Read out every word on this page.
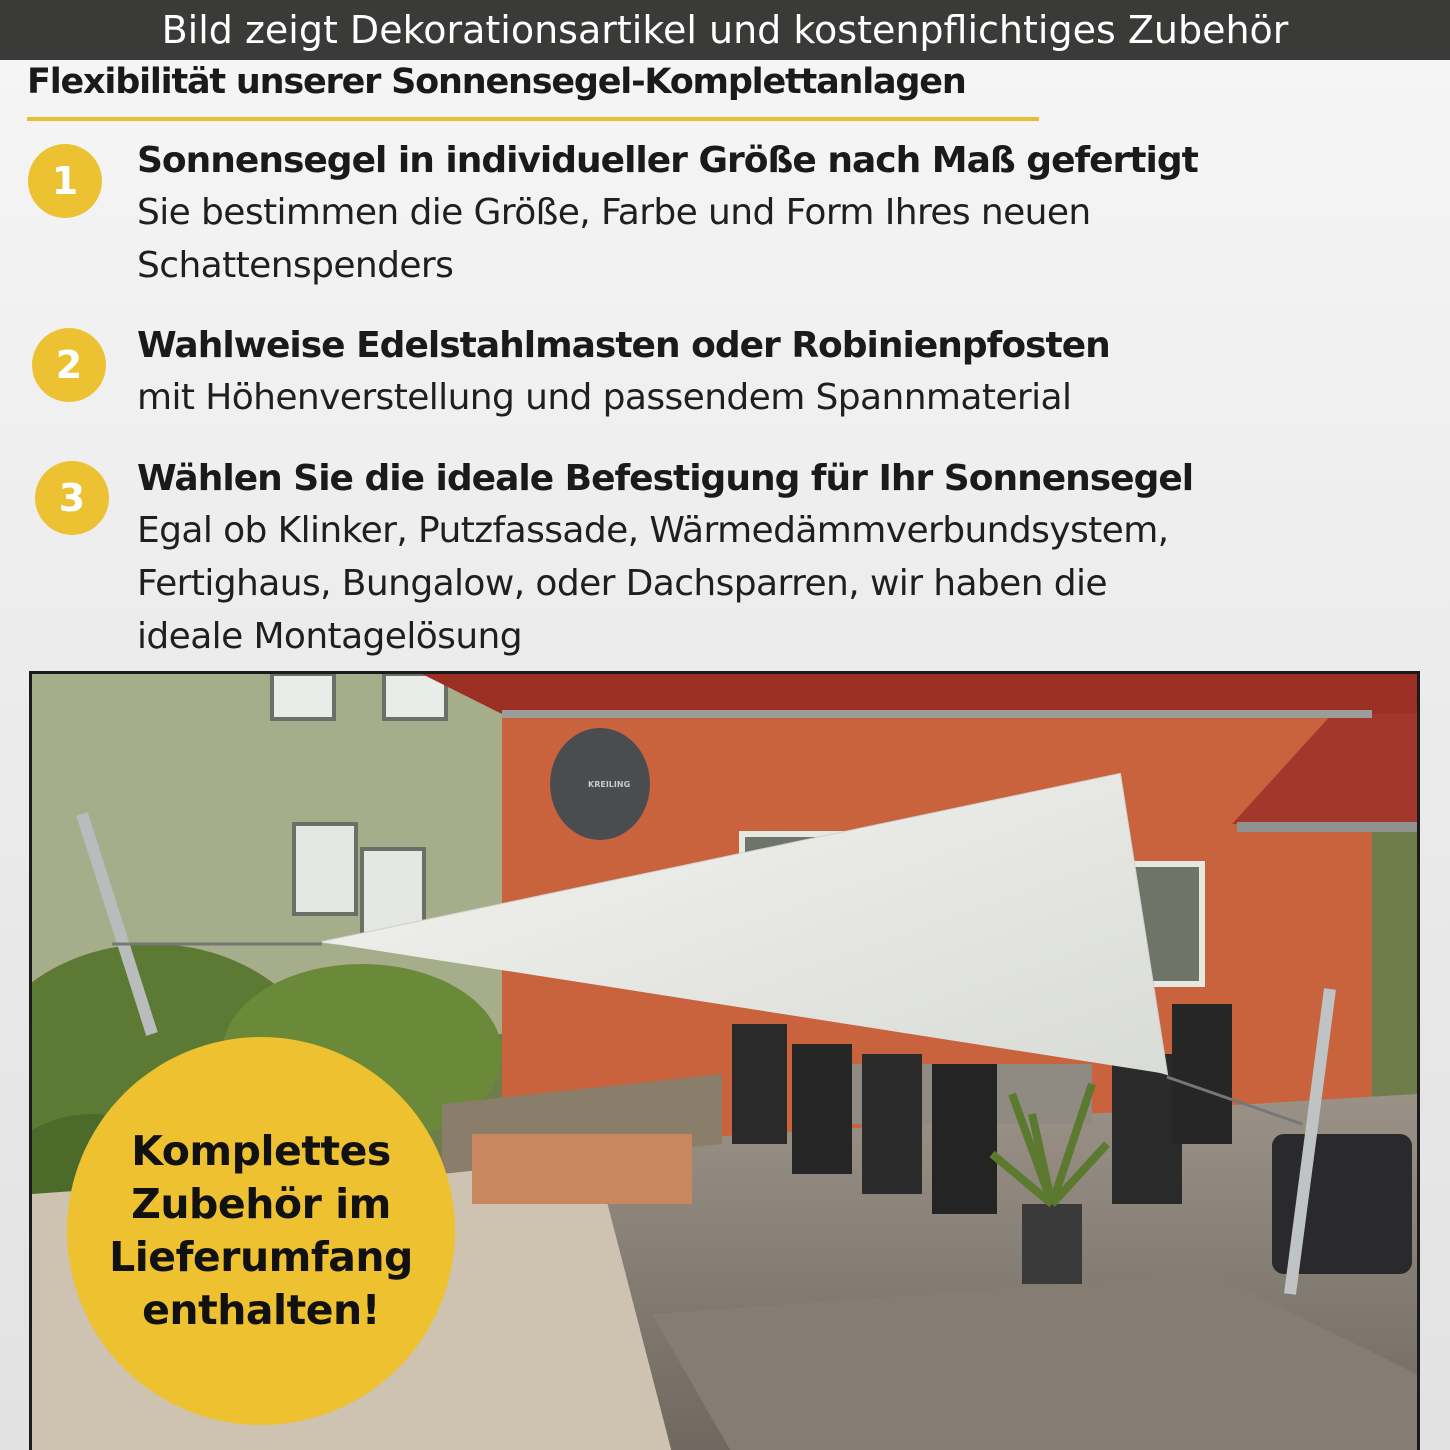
Bild zeigt Dekorationsartikel und kostenpflichtiges Zubehör
Flexibilität unserer Sonnensegel-Komplettanlagen
1 Sonnensegel in individueller Größe nach Maß gefertigt
Sie bestimmen die Größe, Farbe und Form Ihres neuen
Schattenspenders
2 Wahlweise Edelstahlmasten oder Robinienpfosten
mit Höhenverstellung und passendem Spannmaterial
3 Wählen Sie die ideale Befestigung für Ihr Sonnensegel
Egal ob Klinker, Putzfassade, Wärmedämmverbundsystem,
Fertighaus, Bungalow, oder Dachsparren, wir haben die
ideale Montagelösung
KREILING
Komplettes
Zubehör im
Lieferumfang
enthalten!
